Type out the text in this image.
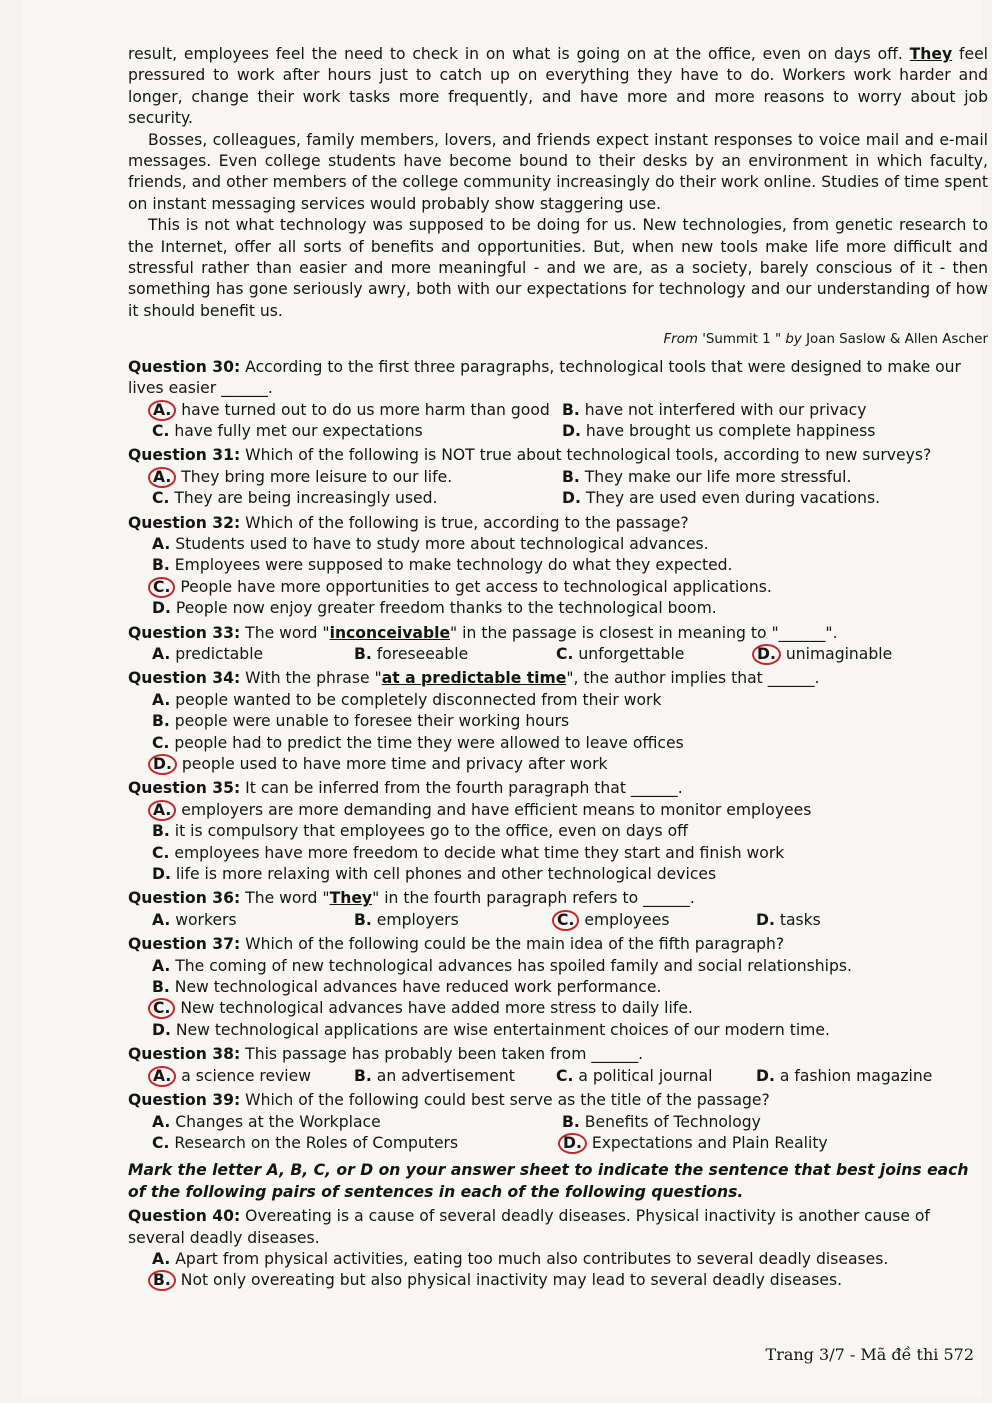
result, employees feel the need to check in on what is going on at the office, even on days off. They feel pressured to work after hours just to catch up on everything they have to do. Workers work harder and longer, change their work tasks more frequently, and have more and more reasons to worry about job security.

Bosses, colleagues, family members, lovers, and friends expect instant responses to voice mail and e-mail messages. Even college students have become bound to their desks by an environment in which faculty, friends, and other members of the college community increasingly do their work online. Studies of time spent on instant messaging services would probably show staggering use.

This is not what technology was supposed to be doing for us. New technologies, from genetic research to the Internet, offer all sorts of benefits and opportunities. But, when new tools make life more difficult and stressful rather than easier and more meaningful - and we are, as a society, barely conscious of it - then something has gone seriously awry, both with our expectations for technology and our understanding of how it should benefit us.

From 'Summit 1 " by Joan Saslow & Allen Ascher

Question 30: According to the first three paragraphs, technological tools that were designed to make our lives easier ______.

A. have turned out to do us more harm than good B. have not interfered with our privacy
C. have fully met our expectations	D. have brought us complete happiness

Question 31: Which of the following is NOT true about technological tools, according to new surveys?

A. They bring more leisure to our life.	B. They make our life more stressful.
C. They are being increasingly used.	D. They are used even during vacations.

Question 32: Which of the following is true, according to the passage?

A. Students used to have to study more about technological advances.
B. Employees were supposed to make technology do what they expected.
C. People have more opportunities to get access to technological applications.
D. People now enjoy greater freedom thanks to the technological boom.

Question 33: The word "inconceivable" in the passage is closest in meaning to "______".

A. predictable	B. foreseeable	C. unforgettable	D. unimaginable

Question 34: With the phrase "at a predictable time", the author implies that ______.

A. people wanted to be completely disconnected from their work
B. people were unable to foresee their working hours
C. people had to predict the time they were allowed to leave offices
D. people used to have more time and privacy after work

Question 35: It can be inferred from the fourth paragraph that ______.

A. employers are more demanding and have efficient means to monitor employees
B. it is compulsory that employees go to the office, even on days off
C. employees have more freedom to decide what time they start and finish work
D. life is more relaxing with cell phones and other technological devices

Question 36: The word "They" in the fourth paragraph refers to ______.

A. workers	B. employers	C. employees	D. tasks

Question 37: Which of the following could be the main idea of the fifth paragraph?

A. The coming of new technological advances has spoiled family and social relationships.
B. New technological advances have reduced work performance.
C. New technological advances have added more stress to daily life.
D. New technological applications are wise entertainment choices of our modern time.

Question 38: This passage has probably been taken from ______.

A. a science review	B. an advertisement	C. a political journal	D. a fashion magazine

Question 39: Which of the following could best serve as the title of the passage?

A. Changes at the Workplace	B. Benefits of Technology
C. Research on the Roles of Computers	D. Expectations and Plain Reality
Mark the letter A, B, C, or D on your answer sheet to indicate the sentence that best joins each of the following pairs of sentences in each of the following questions.

Question 40: Overeating is a cause of several deadly diseases. Physical inactivity is another cause of several deadly diseases.

A. Apart from physical activities, eating too much also contributes to several deadly diseases.
B. Not only overeating but also physical inactivity may lead to several deadly diseases.
Trang 3/7 - Mã đề thi 572
